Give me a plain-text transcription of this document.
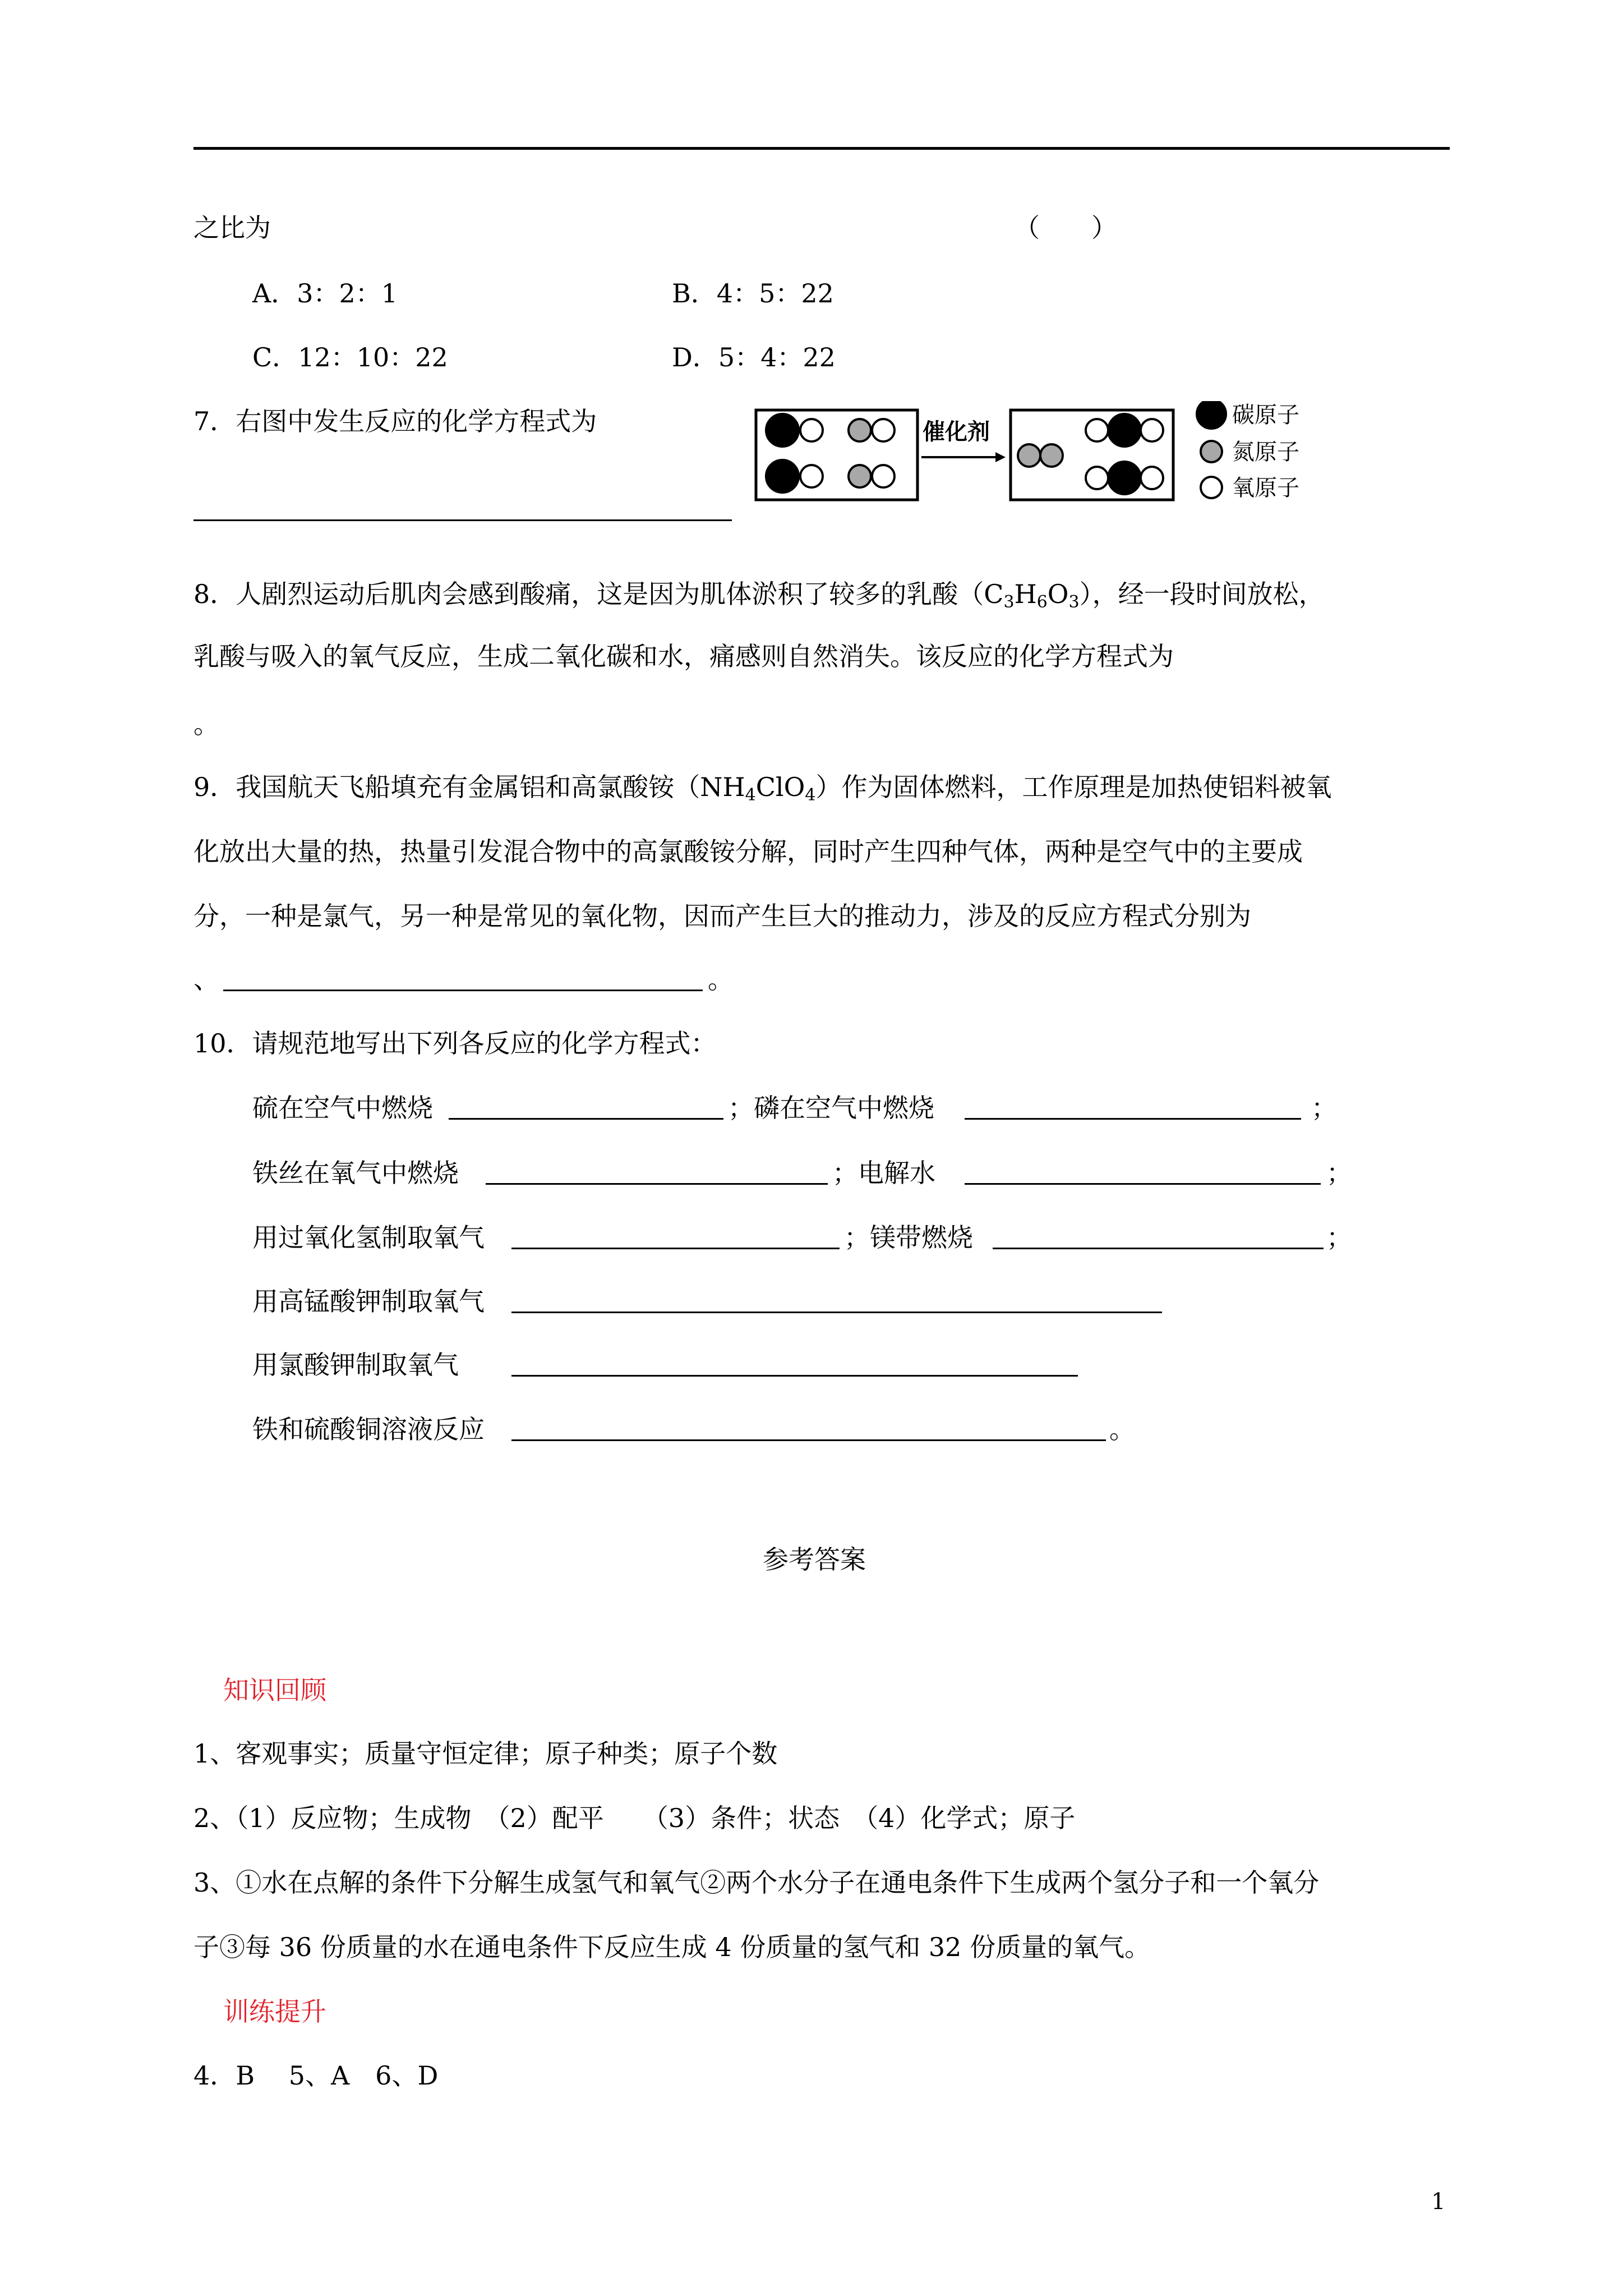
之比为	（　　）
A．3：2：1	B．4：5：22
C．12：10：22	D．5：4：22
7．右图中发生反应的化学方程式为	催化剂
碳原子
氮原子
氧原子
8．人剧烈运动后肌肉会感到酸痛，这是因为肌体淤积了较多的乳酸$(C_3H_6O_3)$，经一段时间放松，
乳酸与吸入的氧气反应，生成二氧化碳和水，痛感则自然消失。该反应的化学方程式为
。
9．我国航天飞船填充有金属铝和高氯酸铵$(NH_4ClO_4)$作为固体燃料，工作原理是加热使铝料被氧
化放出大量的热，热量引发混合物中的高氯酸铵分解，同时产生四种气体，两种是空气中的主要成
分，一种是氯气，另一种是常见的氧化物，因而产生巨大的推动力，涉及的反应方程式分别为
、	。
10．请规范地写出下列各反应的化学方程式：
硫在空气中燃烧	；磷在空气中燃烧	；
铁丝在氧气中燃烧	；电解水	；
用过氧化氢制取氧气	；镁带燃烧	；
用高锰酸钾制取氧气
用氯酸钾制取氧气
铁和硫酸铜溶液反应	。
参考答案
知识回顾
1、客观事实；质量守恒定律；原子种类；原子个数
2、（1）反应物；生成物　（2）配平　　（3）条件；状态　（4）化学式；原子
3、①水在点解的条件下分解生成氢气和氧气②两个水分子在通电条件下生成两个氢分子和一个氧分
子③每 36 份质量的水在通电条件下反应生成 4 份质量的氢气和 32 份质量的氧气。
训练提升
4．B　 5、A　6、D
1
